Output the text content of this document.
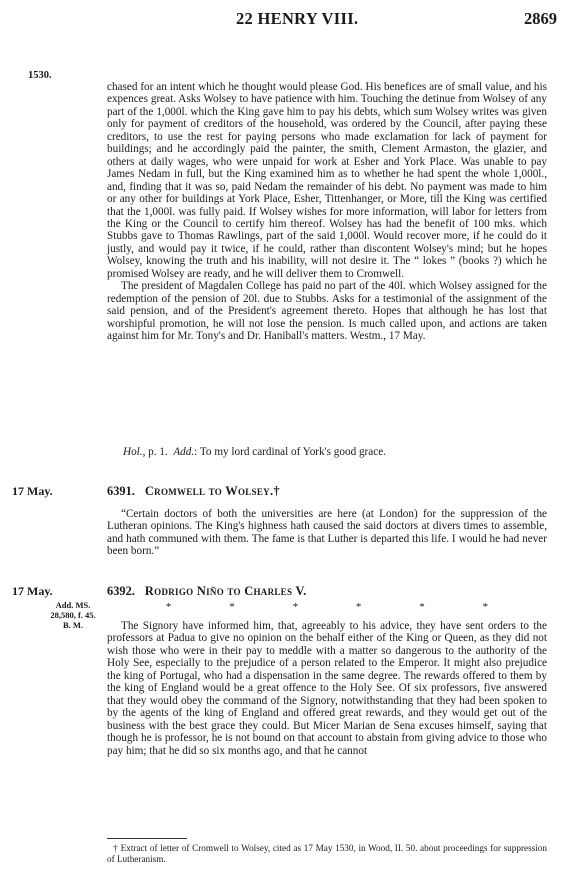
22 HENRY VIII.	2869
1530.

chased for an intent which he thought would please God. His benefices are of small value, and his expences great. Asks Wolsey to have patience with him. Touching the detinue from Wolsey of any part of the 1,000l. which the King gave him to pay his debts, which sum Wolsey writes was given only for payment of creditors of the household, was ordered by the Council, after paying these creditors, to use the rest for paying persons who made exclamation for lack of payment for buildings; and he accordingly paid the painter, the smith, Clement Armaston, the glazier, and others at daily wages, who were unpaid for work at Esher and York Place. Was unable to pay James Nedam in full, but the King examined him as to whether he had spent the whole 1,000l., and, finding that it was so, paid Nedam the remainder of his debt. No payment was made to him or any other for buildings at York Place, Esher, Tittenhanger, or More, till the King was certified that the 1,000l. was fully paid. If Wolsey wishes for more information, will labor for letters from the King or the Council to certify him thereof. Wolsey has had the benefit of 100 mks. which Stubbs gave to Thomas Rawlings, part of the said 1,000l. Would recover more, if he could do it justly, and would pay it twice, if he could, rather than discontent Wolsey's mind; but he hopes Wolsey, knowing the truth and his inability, will not desire it. The “ lokes ” (books ?) which he promised Wolsey are ready, and he will deliver them to Cromwell.

The president of Magdalen College has paid no part of the 40l. which Wolsey assigned for the redemption of the pension of 20l. due to Stubbs. Asks for a testimonial of the assignment of the said pension, and of the President's agreement thereto. Hopes that although he has lost that worshipful promotion, he will not lose the pension. Is much called upon, and actions are taken against him for Mr. Tony's and Dr. Haniball's matters. Westm., 17 May.

Hol., p. 1. Add.: To my lord cardinal of York's good grace.
17 May.	6391. Cromwell to Wolsey.†

“Certain doctors of both the universities are here (at London) for the suppression of the Lutheran opinions. The King's highness hath caused the said doctors at divers times to assemble, and hath communed with them. The fame is that Luther is departed this life. I would he had never been born.”

17 May.	6392. Rodrigo Niño to Charles V.
Add. MS. 28,580, f. 45. B. M.
*	*	*	*	*	*

The Signory have informed him, that, agreeably to his advice, they have sent orders to the professors at Padua to give no opinion on the behalf either of the King or Queen, as they did not wish those who were in their pay to meddle with a matter so dangerous to the authority of the Holy See, especially to the prejudice of a person related to the Emperor. It might also prejudice the king of Portugal, who had a dispensation in the same degree. The rewards offered to them by the king of England would be a great offence to the Holy See. Of six professors, five answered that they would obey the command of the Signory, notwithstanding that they had been spoken to by the agents of the king of England and offered great rewards, and they would get out of the business with the best grace they could. But Micer Marian de Sena excuses himself, saying that though he is professor, he is not bound on that account to abstain from giving advice to those who pay him; that he did so six months ago, and that he cannot

† Extract of letter of Cromwell to Wolsey, cited as 17 May 1530, in Wood, II. 50. about proceedings for suppression of Lutheranism.
